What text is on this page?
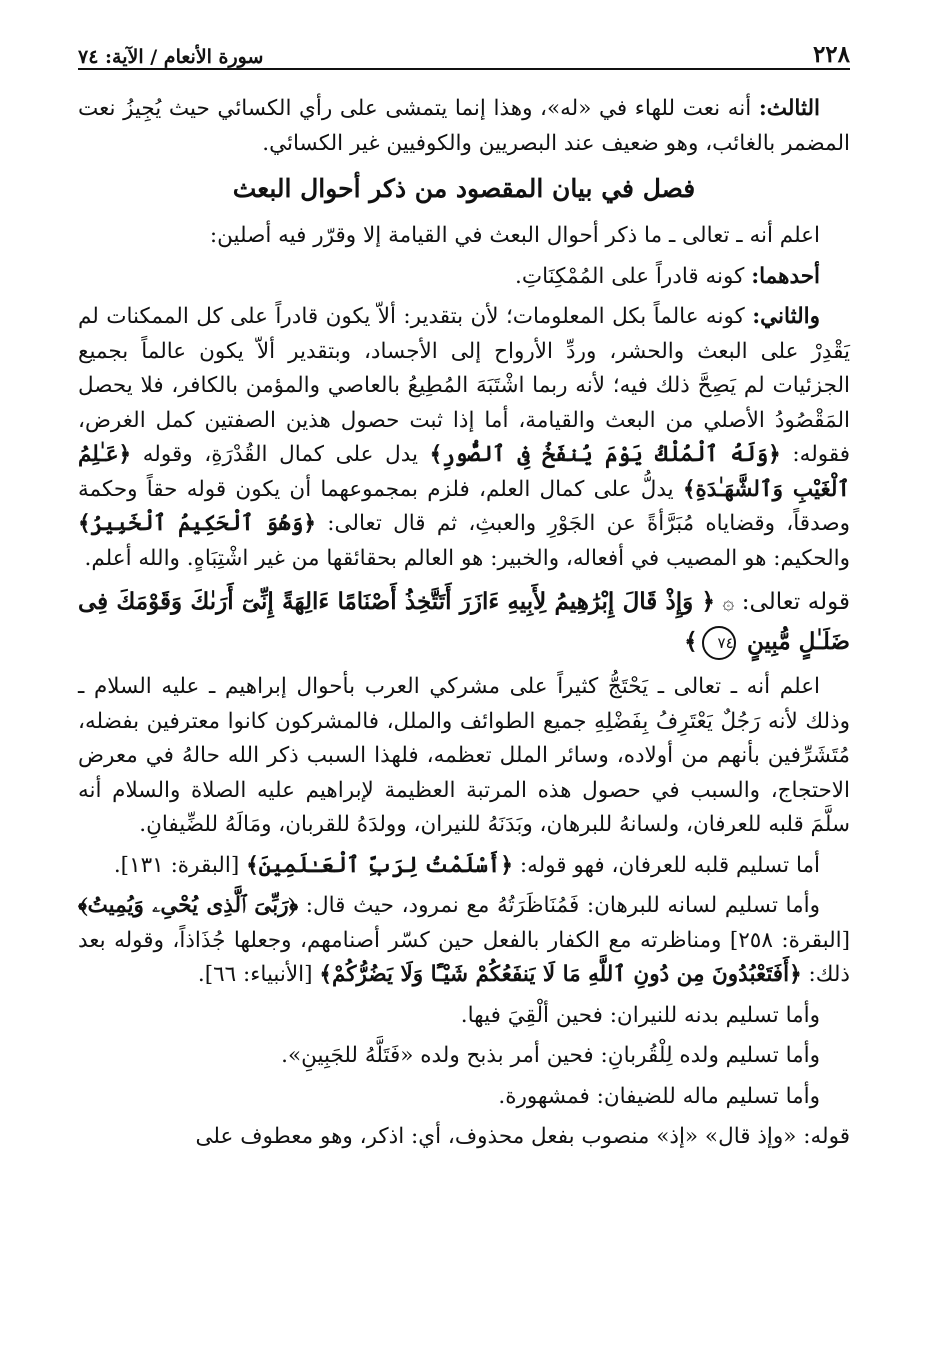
٢٢٨
سورة الأنعام / الآية: ٧٤

الثالث: أنه نعت للهاء في «له»، وهذا إنما يتمشى على رأي الكسائي حيث يُجِيزُ نعت المضمر بالغائب، وهو ضعيف عند البصريين والكوفيين غير الكسائي.

فصل في بيان المقصود من ذكر أحوال البعث

اعلم أنه ـ تعالى ـ ما ذكر أحوال البعث في القيامة إلا وقرّر فيه أصلين:

أحدهما: كونه قادراً على المُمْكِنَاتِ.

والثاني: كونه عالماً بكل المعلومات؛ لأن بتقدير: ألاّ يكون قادراً على كل الممكنات لم يَقْدِرْ على البعث والحشر، وردِّ الأرواح إلى الأجساد، وبتقدير ألاّ يكون عالماً بجميع الجزئيات لم يَصِحَّ ذلك فيه؛ لأنه ربما اشْتَبَهَ المُطِيعُ بالعاصي والمؤمن بالكافر، فلا يحصل المَقْصُودُ الأصلي من البعث والقيامة، أما إذا ثبت حصول هذين الصفتين كمل الغرض، فقوله: ﴿وَلَهُ ٱلْمُلْكُ يَوْمَ يُنفَخُ فِى ٱلصُّورِ﴾ يدل على كمال القُدْرَةِ، وقوله ﴿عَـٰلِمُ ٱلْغَيْبِ وَٱلشَّهَـٰدَةِ﴾ يدلُّ على كمال العلم، فلزم بمجموعهما أن يكون قوله حقاً وحكمة وصدقاً، وقضاياه مُبَرَّأةً عن الجَوْرِ والعبثِ، ثم قال تعالى: ﴿وَهُوَ ٱلْحَكِيمُ ٱلْخَبِيرُ﴾ والحكيم: هو المصيب في أفعاله، والخبير: هو العالم بحقائقها من غير اشْتِبَاهٍ. والله أعلم.

قوله تعالى: ۞ ﴿ وَإِذْ قَالَ إِبْرَٰهِيمُ لِأَبِيهِ ءَازَرَ أَتَتَّخِذُ أَصْنَامًا ءَالِهَةً إِنِّىٓ أَرَىٰكَ وَقَوْمَكَ فِى ضَلَـٰلٍ مُّبِينٍ ٧٤﴾

اعلم أنه ـ تعالى ـ يَحْتَجُّ كثيراً على مشركي العرب بأحوال إبراهيم ـ عليه السلام ـ وذلك لأنه رَجُلٌ يَعْتَرِفُ بِفَضْلِهِ جميع الطوائف والملل، فالمشركون كانوا معترفين بفضله، مُتَشَرِّفين بأنهم من أولاده، وسائر الملل تعظمه، فلهذا السبب ذكر الله حالهُ في معرض الاحتجاج، والسبب في حصول هذه المرتبة العظيمة لإبراهيم عليه الصلاة والسلام أنه سلَّمَ قلبه للعرفان، ولسانهُ للبرهان، وبَدَنَهُ للنيران، وولدَهُ للقربان، ومَالَهُ للضِّيفانِ.

أما تسليم قلبه للعرفان، فهو قوله: ﴿أَسْلَمْتُ لِرَبِّ ٱلْعَـٰلَمِينَ﴾ [البقرة: ١٣١].

وأما تسليم لسانه للبرهان: فَمُنَاظَرَتُهُ مع نمرود، حيث قال: ﴿رَبِّىَ ٱلَّذِى يُحْىِۦ وَيُمِيتُ﴾ [البقرة: ٢٥٨] ومناظرته مع الكفار بالفعل حين كسّر أصنامهم، وجعلها جُذَاذاً، وقوله بعد ذلك: ﴿أَفَتَعْبُدُونَ مِن دُونِ ٱللَّهِ مَا لَا يَنفَعُكُمْ شَيْـًٔا وَلَا يَضُرُّكُمْ﴾ [الأنبياء: ٦٦].

وأما تسليم بدنه للنيران: فحين ألْقِيَ فيها.

وأما تسليم ولده لِلْقُربانِ: فحين أمر بذبح ولده «فَتَلَّهُ للجَبِينِ».

وأما تسليم ماله للضيفان: فمشهورة.

قوله: «وإذ قال» «إذ» منصوب بفعل محذوف، أي: اذكر، وهو معطوف على
